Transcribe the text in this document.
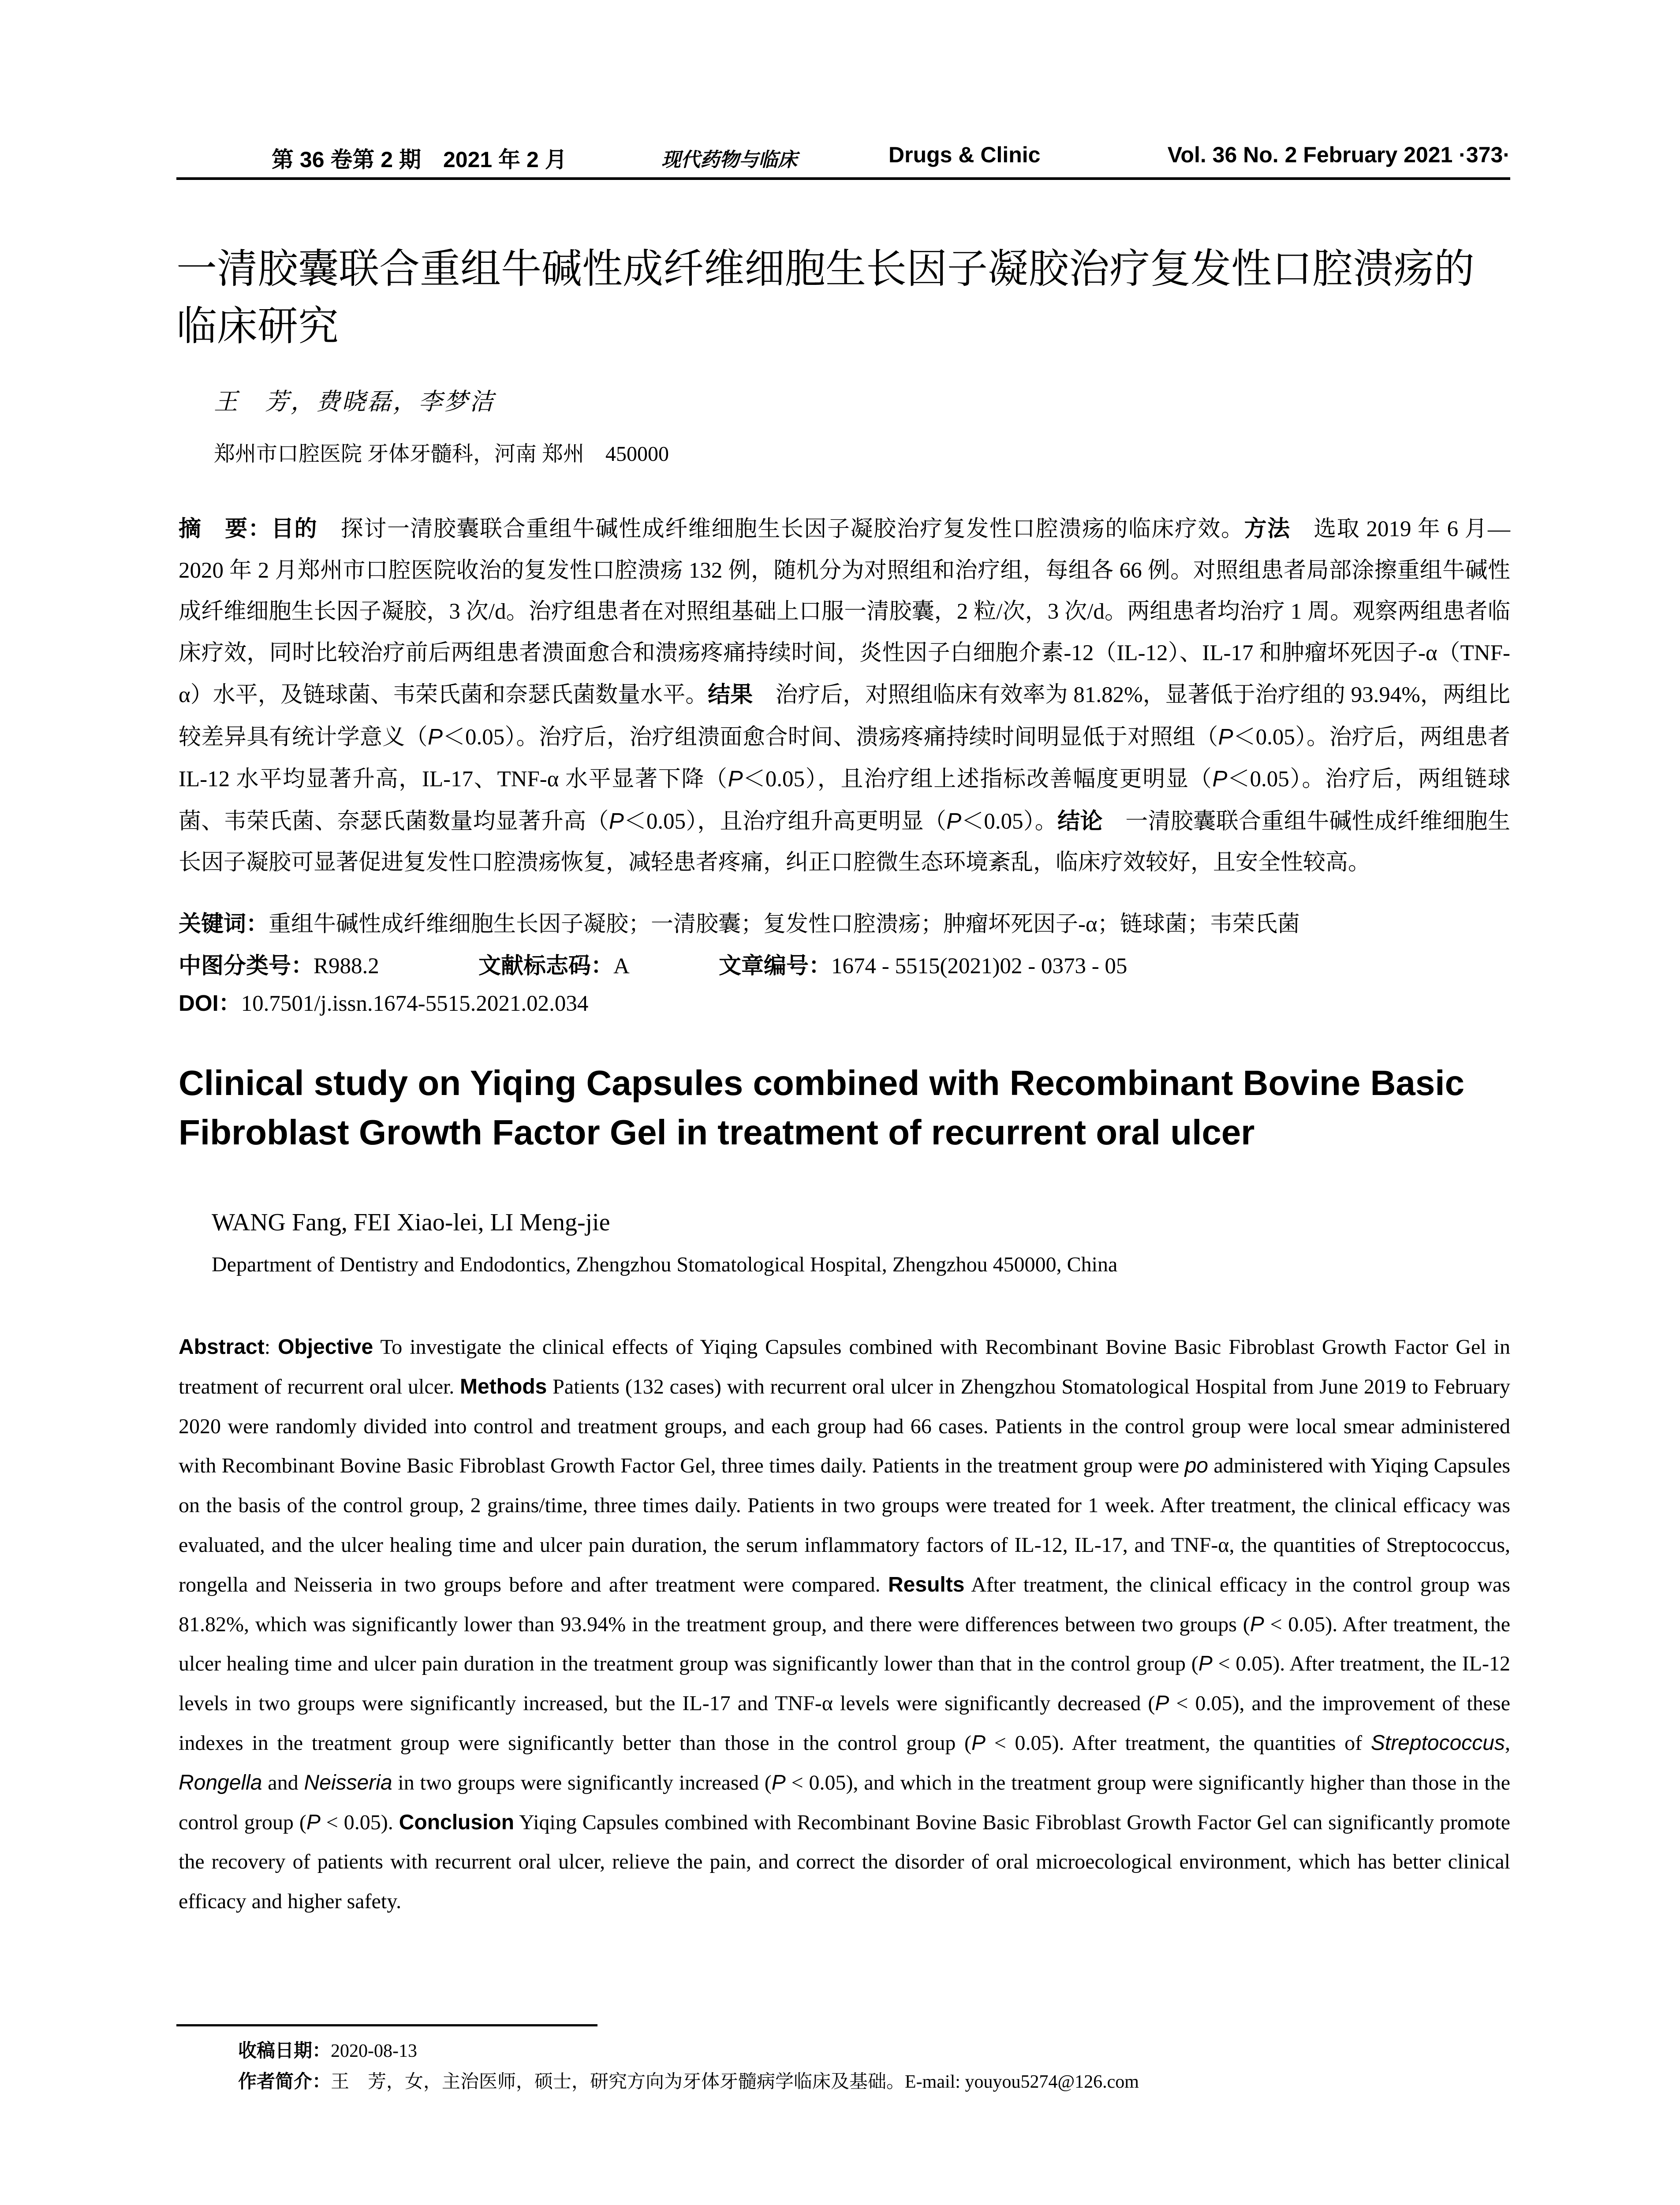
第 36 卷第 2 期　2021 年 2 月	现代药物与临床	Drugs & Clinic	Vol. 36 No. 2 February 2021 ·373·
一清胶囊联合重组牛碱性成纤维细胞生长因子凝胶治疗复发性口腔溃疡的临床研究
王　芳，费晓磊，李梦洁
郑州市口腔医院 牙体牙髓科，河南 郑州　450000

摘　要：目的　探讨一清胶囊联合重组牛碱性成纤维细胞生长因子凝胶治疗复发性口腔溃疡的临床疗效。方法　选取 2019 年 6 月—2020 年 2 月郑州市口腔医院收治的复发性口腔溃疡 132 例，随机分为对照组和治疗组，每组各 66 例。对照组患者局部涂擦重组牛碱性成纤维细胞生长因子凝胶，3 次/d。治疗组患者在对照组基础上口服一清胶囊，2 粒/次，3 次/d。两组患者均治疗 1 周。观察两组患者临床疗效，同时比较治疗前后两组患者溃面愈合和溃疡疼痛持续时间，炎性因子白细胞介素-12（IL-12）、IL-17 和肿瘤坏死因子-α（TNF-α）水平，及链球菌、韦荣氏菌和奈瑟氏菌数量水平。结果　治疗后，对照组临床有效率为 81.82%，显著低于治疗组的 93.94%，两组比较差异具有统计学意义（P＜0.05）。治疗后，治疗组溃面愈合时间、溃疡疼痛持续时间明显低于对照组（P＜0.05）。治疗后，两组患者 IL-12 水平均显著升高，IL-17、TNF-α 水平显著下降（P＜0.05），且治疗组上述指标改善幅度更明显（P＜0.05）。治疗后，两组链球菌、韦荣氏菌、奈瑟氏菌数量均显著升高（P＜0.05），且治疗组升高更明显（P＜0.05）。结论　一清胶囊联合重组牛碱性成纤维细胞生长因子凝胶可显著促进复发性口腔溃疡恢复，减轻患者疼痛，纠正口腔微生态环境紊乱，临床疗效较好，且安全性较高。

关键词：重组牛碱性成纤维细胞生长因子凝胶；一清胶囊；复发性口腔溃疡；肿瘤坏死因子-α；链球菌；韦荣氏菌
中图分类号：R988.2	文献标志码：A	文章编号：1674 - 5515(2021)02 - 0373 - 05
DOI：10.7501/j.issn.1674-5515.2021.02.034
Clinical study on Yiqing Capsules combined with Recombinant Bovine Basic Fibroblast Growth Factor Gel in treatment of recurrent oral ulcer
WANG Fang, FEI Xiao-lei, LI Meng-jie
Department of Dentistry and Endodontics, Zhengzhou Stomatological Hospital, Zhengzhou 450000, China

Abstract: Objective To investigate the clinical effects of Yiqing Capsules combined with Recombinant Bovine Basic Fibroblast Growth Factor Gel in treatment of recurrent oral ulcer. Methods Patients (132 cases) with recurrent oral ulcer in Zhengzhou Stomatological Hospital from June 2019 to February 2020 were randomly divided into control and treatment groups, and each group had 66 cases. Patients in the control group were local smear administered with Recombinant Bovine Basic Fibroblast Growth Factor Gel, three times daily. Patients in the treatment group were po administered with Yiqing Capsules on the basis of the control group, 2 grains/time, three times daily. Patients in two groups were treated for 1 week. After treatment, the clinical efficacy was evaluated, and the ulcer healing time and ulcer pain duration, the serum inflammatory factors of IL-12, IL-17, and TNF-α, the quantities of Streptococcus, rongella and Neisseria in two groups before and after treatment were compared. Results After treatment, the clinical efficacy in the control group was 81.82%, which was significantly lower than 93.94% in the treatment group, and there were differences between two groups (P < 0.05). After treatment, the ulcer healing time and ulcer pain duration in the treatment group was significantly lower than that in the control group (P < 0.05). After treatment, the IL-12 levels in two groups were significantly increased, but the IL-17 and TNF-α levels were significantly decreased (P < 0.05), and the improvement of these indexes in the treatment group were significantly better than those in the control group (P < 0.05). After treatment, the quantities of Streptococcus, Rongella and Neisseria in two groups were significantly increased (P < 0.05), and which in the treatment group were significantly higher than those in the control group (P < 0.05). Conclusion Yiqing Capsules combined with Recombinant Bovine Basic Fibroblast Growth Factor Gel can significantly promote the recovery of patients with recurrent oral ulcer, relieve the pain, and correct the disorder of oral microecological environment, which has better clinical efficacy and higher safety.

收稿日期：2020-08-13
作者简介：王　芳，女，主治医师，硕士，研究方向为牙体牙髓病学临床及基础。E-mail: youyou5274@126.com
